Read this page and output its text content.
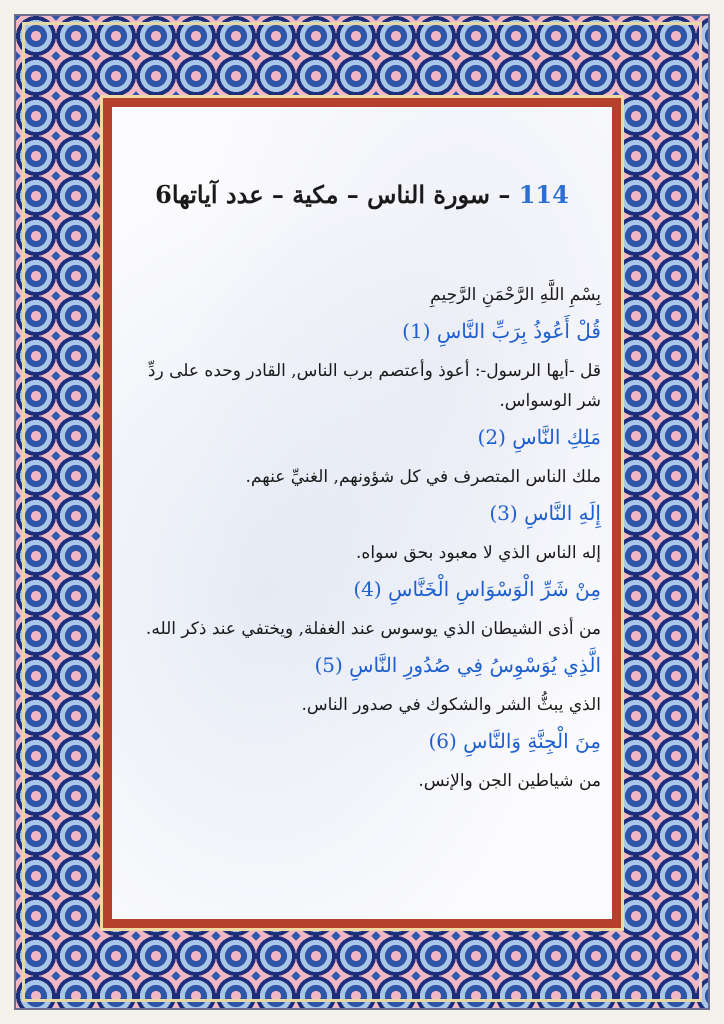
114 – سورة الناس – مكية – عدد آياتها6

بِسْمِ اللَّهِ الرَّحْمَنِ الرَّحِيمِ

قُلْ أَعُوذُ بِرَبِّ النَّاسِ (1)

قل -أيها الرسول-: أعوذ وأعتصم برب الناس, القادر وحده على ردِّ شر الوسواس.

مَلِكِ النَّاسِ (2)

ملك الناس المتصرف في كل شؤونهم, الغنيِّ عنهم.

إِلَهِ النَّاسِ (3)

إله الناس الذي لا معبود بحق سواه.

مِنْ شَرِّ الْوَسْوَاسِ الْخَنَّاسِ (4)

من أذى الشيطان الذي يوسوس عند الغفلة, ويختفي عند ذكر الله.

الَّذِي يُوَسْوِسُ فِي صُدُورِ النَّاسِ (5)

الذي يبثُّ الشر والشكوك في صدور الناس.

مِنَ الْجِنَّةِ وَالنَّاسِ (6)

من شياطين الجن والإنس.
